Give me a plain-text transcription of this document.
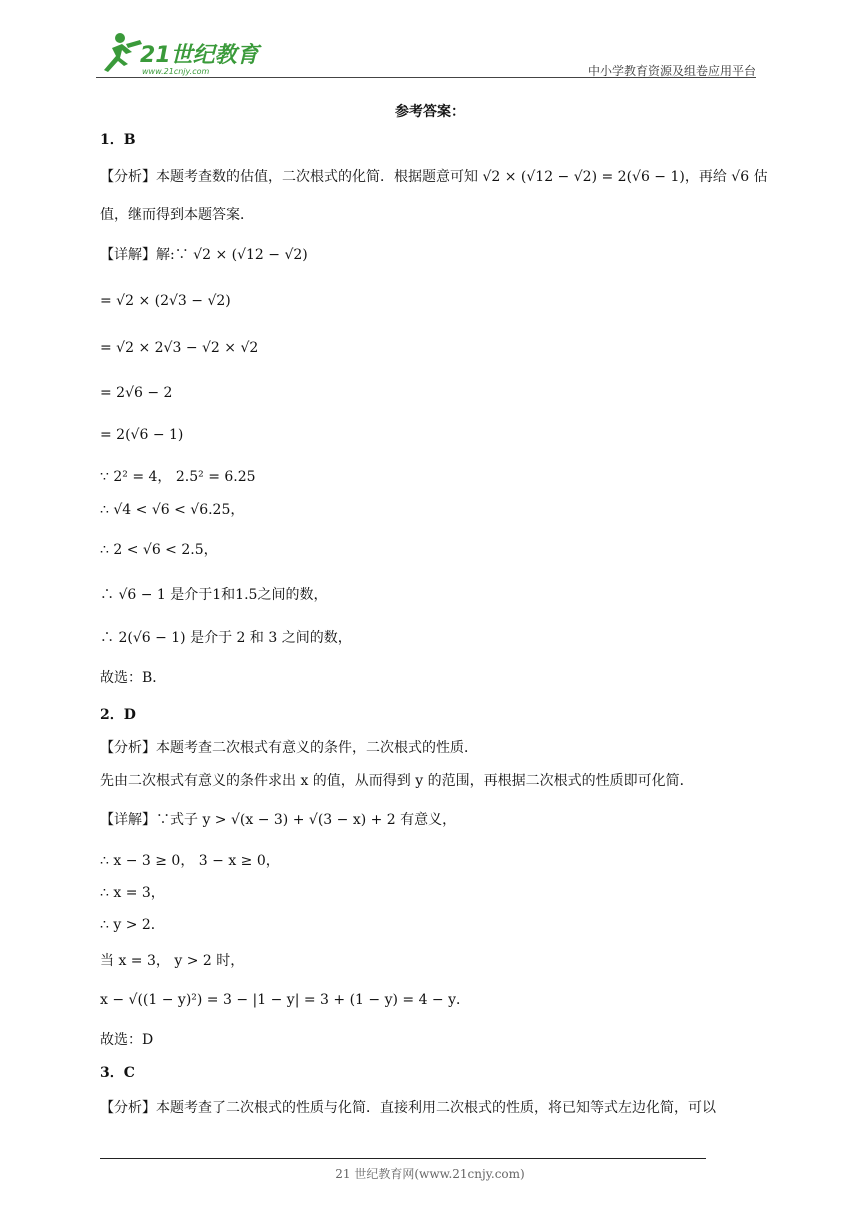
21世纪教育
www.21cnjy.com	中小学教育资源及组卷应用平台
参考答案：
1．B
【分析】本题考查数的估值，二次根式的化简．根据题意可知 √2 × (√12 − √2) = 2(√6 − 1)，再给 √6 估
值，继而得到本题答案．
【详解】解:∵ √2 × (√12 − √2)
= √2 × (2√3 − √2)
= √2 × 2√3 − √2 × √2
= 2√6 − 2
= 2(√6 − 1)
∵ 2² = 4， 2.5² = 6.25
∴ √4 < √6 < √6.25，
∴ 2 < √6 < 2.5，
∴ √6 − 1 是介于1和1.5之间的数，
∴ 2(√6 − 1) 是介于 2 和 3 之间的数，
故选：B．
2．D
【分析】本题考查二次根式有意义的条件，二次根式的性质．
先由二次根式有意义的条件求出 x 的值，从而得到 y 的范围，再根据二次根式的性质即可化简．
【详解】∵式子 y > √(x − 3) + √(3 − x) + 2 有意义，
∴ x − 3 ≥ 0， 3 − x ≥ 0，
∴ x = 3，
∴ y > 2．
当 x = 3， y > 2 时，
x − √((1 − y)²) = 3 − |1 − y| = 3 + (1 − y) = 4 − y．
故选：D
3．C
【分析】本题考查了二次根式的性质与化简．直接利用二次根式的性质，将已知等式左边化简，可以
21 世纪教育网(www.21cnjy.com)
